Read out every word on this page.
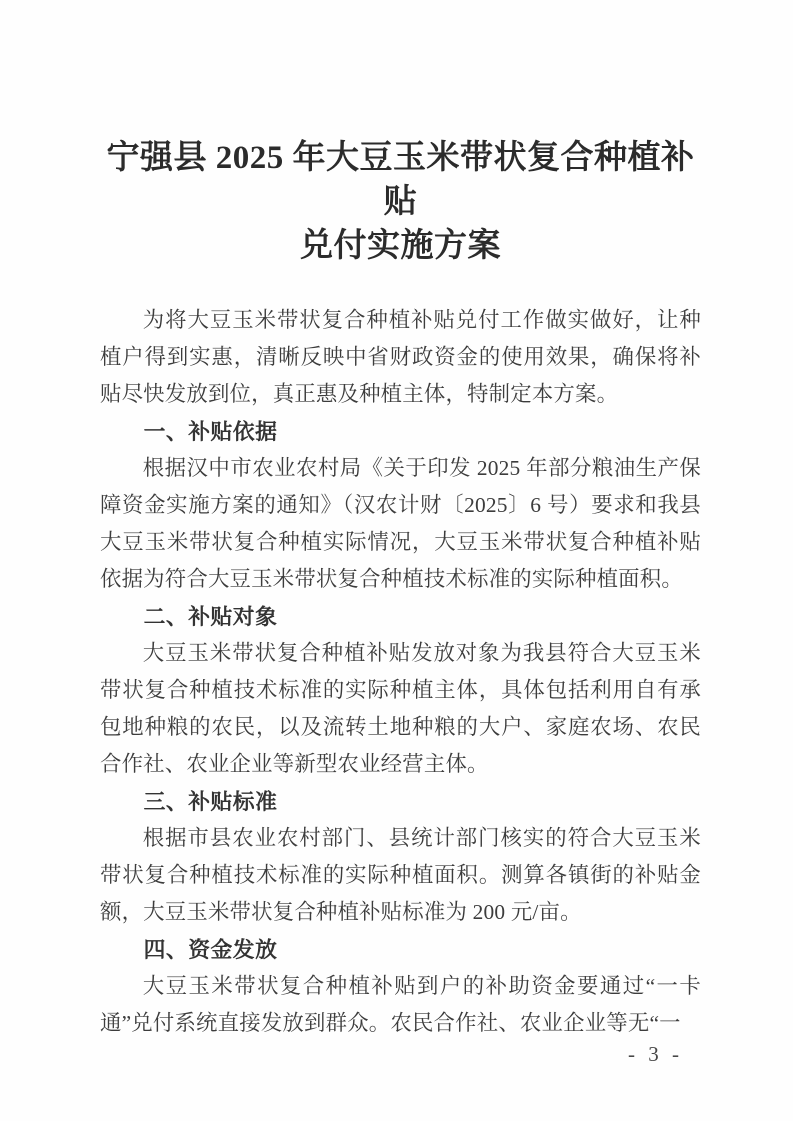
宁强县 2025 年大豆玉米带状复合种植补贴
兑付实施方案

为将大豆玉米带状复合种植补贴兑付工作做实做好，让种植户得到实惠，清晰反映中省财政资金的使用效果，确保将补贴尽快发放到位，真正惠及种植主体，特制定本方案。

一、补贴依据

根据汉中市农业农村局《关于印发 2025 年部分粮油生产保障资金实施方案的通知》（汉农计财〔2025〕6 号）要求和我县大豆玉米带状复合种植实际情况，大豆玉米带状复合种植补贴依据为符合大豆玉米带状复合种植技术标准的实际种植面积。

二、补贴对象

大豆玉米带状复合种植补贴发放对象为我县符合大豆玉米带状复合种植技术标准的实际种植主体，具体包括利用自有承包地种粮的农民，以及流转土地种粮的大户、家庭农场、农民合作社、农业企业等新型农业经营主体。

三、补贴标准

根据市县农业农村部门、县统计部门核实的符合大豆玉米带状复合种植技术标准的实际种植面积。测算各镇街的补贴金额，大豆玉米带状复合种植补贴标准为 200 元/亩。

四、资金发放

大豆玉米带状复合种植补贴到户的补助资金要通过“一卡通”兑付系统直接发放到群众。农民合作社、农业企业等无“一

- 3 -
